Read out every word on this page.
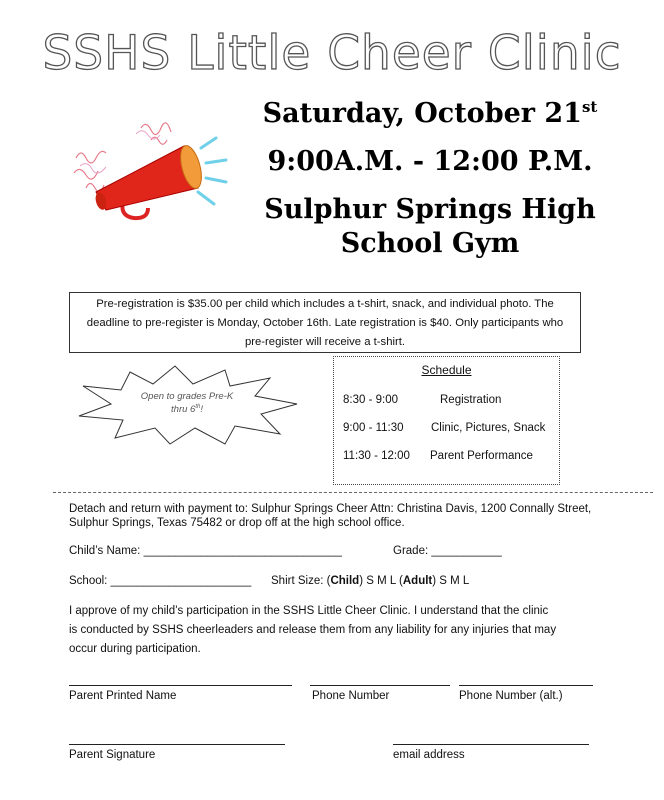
SSHS Little Cheer Clinic
Saturday, October 21st
9:00A.M. - 12:00 P.M.
Sulphur Springs High
School Gym
Pre-registration is $35.00 per child which includes a t-shirt, snack, and individual photo. The
deadline to pre-register is Monday, October 16th. Late registration is $40. Only participants who
pre-register will receive a t-shirt.
Open to grades Pre-K
thru 6th!
Schedule
8:30 - 9:00	Registration
9:00 - 11:30 Clinic, Pictures, Snack
11:30 - 12:00 Parent Performance
Detach and return with payment to: Sulphur Springs Cheer Attn: Christina Davis, 1200 Connally Street,
Sulphur Springs, Texas 75482 or drop off at the high school office.
Child’s Name: _______________________________	Grade: ___________
School: ______________________ Shirt Size: (Child) S M L (Adult) S M L
I approve of my child’s participation in the SSHS Little Cheer Clinic. I understand that the clinic
is conducted by SSHS cheerleaders and release them from any liability for any injuries that may
occur during participation.
Parent Printed Name	Phone Number	Phone Number (alt.)
Parent Signature	email address
